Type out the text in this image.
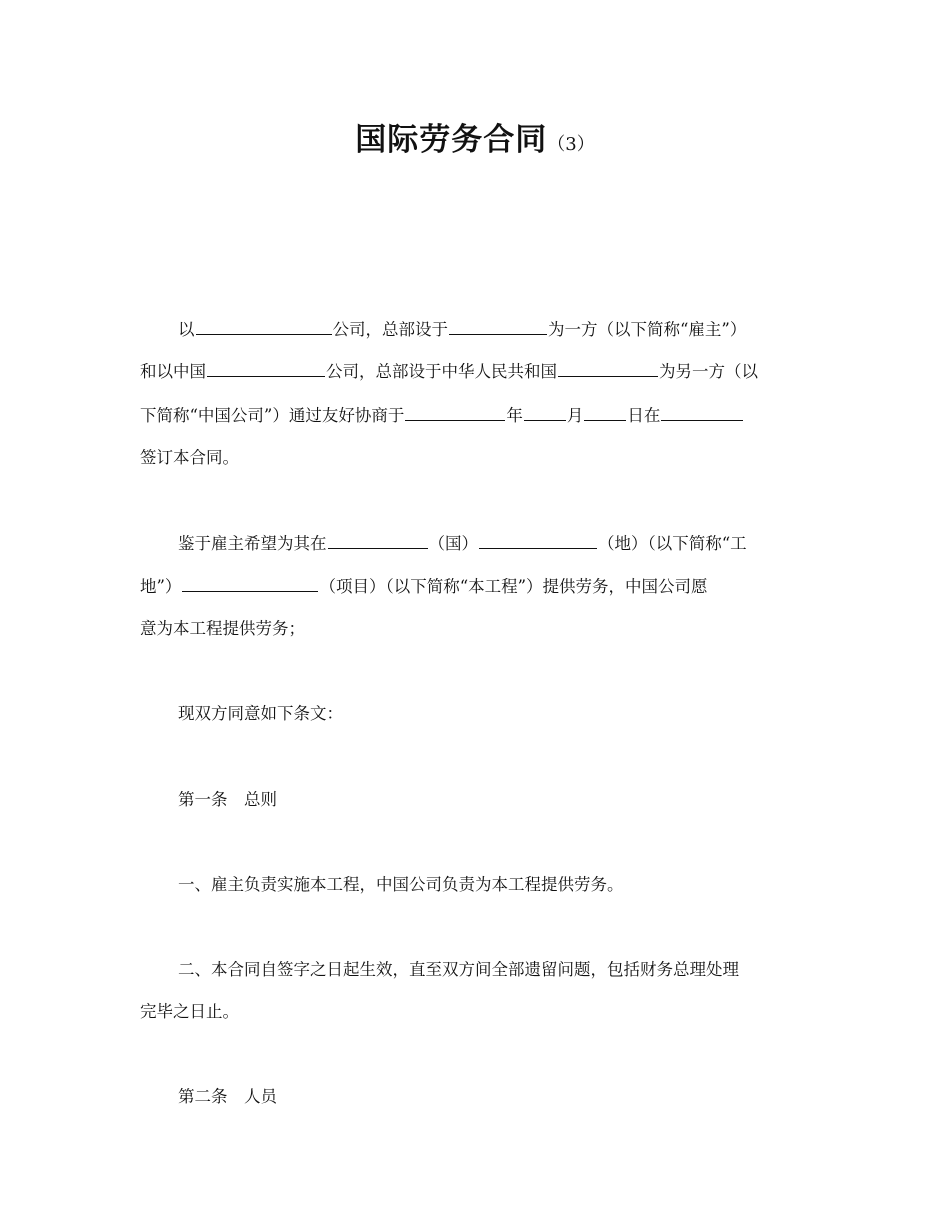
国际劳务合同（3）
以	公司，总部设于	为一方（以下简称“雇主”）
和以中国	公司，总部设于中华人民共和国	为另一方（以
下简称“中国公司”）通过友好协商于	年	月	日在
签订本合同。
鉴于雇主希望为其在	（国）	（地）（以下简称“工
地”）	（项目）（以下简称“本工程”）提供劳务，中国公司愿
意为本工程提供劳务；
现双方同意如下条文：
第一条　总则
一、雇主负责实施本工程，中国公司负责为本工程提供劳务。
二、本合同自签字之日起生效，直至双方间全部遗留问题，包括财务总理处理
完毕之日止。
第二条　人员
